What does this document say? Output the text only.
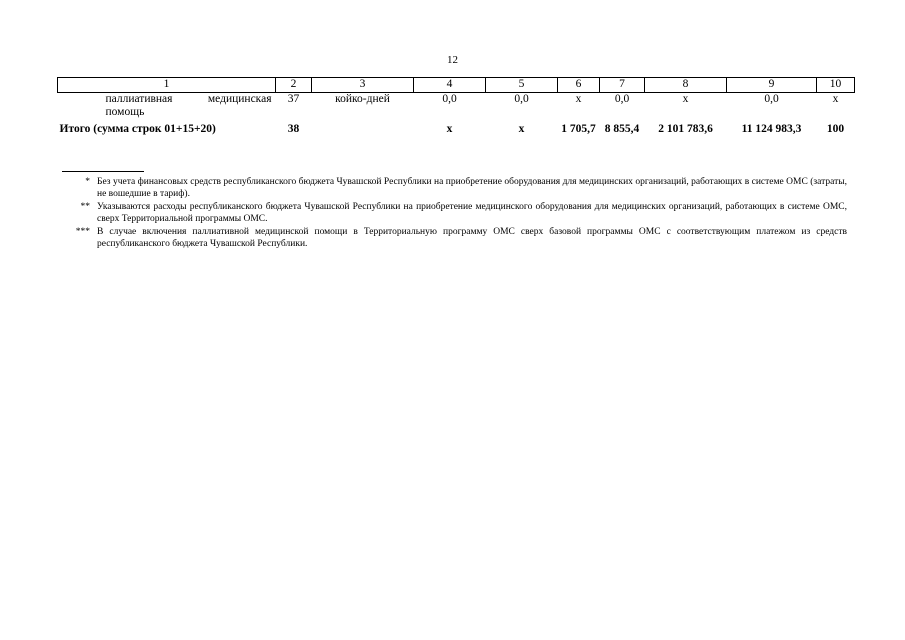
12
1	2	3	4	5	6	7	8	9	10
паллиативная медицинская помощь	37	койко-дней	0,0	0,0	x	0,0	x	0,0	x
Итого (сумма строк 01+15+20)	38		x	x	1 705,7	8 855,4	2 101 783,6	11 124 983,3	100
* Без учета финансовых средств республиканского бюджета Чувашской Республики на приобретение оборудования для медицинских организаций, работающих в системе ОМС (затраты, не вошедшие в тариф).
** Указываются расходы республиканского бюджета Чувашской Республики на приобретение медицинского оборудования для медицинских организаций, работающих в системе ОМС, сверх Территориальной программы ОМС.
*** В случае включения паллиативной медицинской помощи в Территориальную программу ОМС сверх базовой программы ОМС с соответствующим платежом из средств республиканского бюджета Чувашской Республики.
